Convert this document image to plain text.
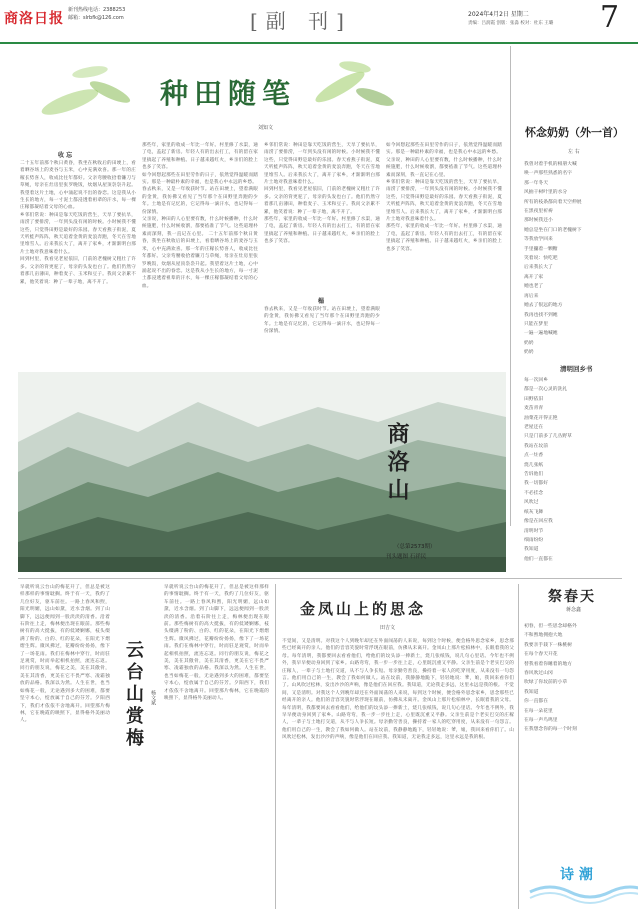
商洛日报
新刊热线电话：2388253
邮箱：slrbfk@126.com	[副 刊]	2024年4月2日 星期二
责编：吕润霞 创版：张淼 校对：杜东 王璐 7
种田随笔
刘知文
收 忘
二十五年前那个秋日黄昏，我坐在秋收后的田埂上，看着晒谷场上的麦谷与玉米，心中充满欢喜。那一年的庄稼长势喜人，收成比往年都好。父亲弯腰收拾着镰刀与草绳，母亲在灶房里张罗晚饭，炊烟从屋顶袅袅升起。我望着这片土地，心中涌起说不出的眷恋。这是我从小生长的地方，每一寸泥土都浸透着祖辈的汗水，每一棵庄稼都凝结着父母的心血。
乡邻们常说：种田是靠天吃饭的营生，天旱了要抗旱，雨涝了要排涝，一年到头没有闲的时候。小时候我不懂这些，只觉得田野是最好的乐园。春天看燕子衔泥，夏天听蛙声阵阵，秋天追着金黄的麦浪奔跑，冬天在雪地里堆雪人。后来我长大了，离开了家乡，才渐渐明白那片土地对我意味着什么。
回到村里，我看见老屋依旧，门前的老槐树又粗壮了许多。父亲的背更驼了，母亲的头发也白了。他们仍然守着那几亩薄田，种着麦子、玉米和豆子。我问父亲累不累，他笑着说：种了一辈子地，离不开了。
那些年，家里的收成一年比一年好。村里修了水渠，通了电，盖起了新房。年轻人有的出去打工，有的留在家里搞起了养殖和种植。日子越来越红火，乡亲们的脸上也多了笑容。
如今回想起那些在田里劳作的日子，依然觉得温暖而踏实。那是一种最朴素的幸福，也是我心中永远的乡愁。
春去秋来，又是一年收获时节。站在田埂上，望着满眼的金黄，我仿佛又看见了当年那个在田野里奔跑的少年。土地是有记忆的，它记得每一滴汗水，也记得每一份深情。
父亲说，种田的人心里要有数，什么时候播种，什么时候施肥，什么时候收割，都要掐准了节气。这些道理朴素而深刻，我一直记在心里。 二十五年前那个秋日黄昏，我坐在秋收后的田埂上，看着晒谷场上的麦谷与玉米，心中充满欢喜。那一年的庄稼长势喜人，收成比往年都好。父亲弯腰收拾着镰刀与草绳，母亲在灶房里张罗晚饭，炊烟从屋顶袅袅升起。我望着这片土地，心中涌起说不出的眷恋。这是我从小生长的地方，每一寸泥土都浸透着祖辈的汗水，每一棵庄稼都凝结着父母的心血。
乡邻们常说：种田是靠天吃饭的营生，天旱了要抗旱，雨涝了要排涝，一年到头没有闲的时候。小时候我不懂这些，只觉得田野是最好的乐园。春天看燕子衔泥，夏天听蛙声阵阵，秋天追着金黄的麦浪奔跑，冬天在雪地里堆雪人。后来我长大了，离开了家乡，才渐渐明白那片土地对我意味着什么。
回到村里，我看见老屋依旧，门前的老槐树又粗壮了许多。父亲的背更驼了，母亲的头发也白了。他们仍然守着那几亩薄田，种着麦子、玉米和豆子。我问父亲累不累，他笑着说：种了一辈子地，离不开了。
那些年，家里的收成一年比一年好。村里修了水渠，通了电，盖起了新房。年轻人有的出去打工，有的留在家里搞起了养殖和种植。日子越来越红火，乡亲们的脸上也多了笑容。
榻
春去秋来，又是一年收获时节。站在田埂上，望着满眼的金黄，我仿佛又看见了当年那个在田野里奔跑的少年。土地是有记忆的，它记得每一滴汗水，也记得每一份深情。
如今回想起那些在田里劳作的日子，依然觉得温暖而踏实。那是一种最朴素的幸福，也是我心中永远的乡愁。
父亲说，种田的人心里要有数，什么时候播种，什么时候施肥，什么时候收割，都要掐准了节气。这些道理朴素而深刻，我一直记在心里。
乡邻们常说：种田是靠天吃饭的营生，天旱了要抗旱，雨涝了要排涝，一年到头没有闲的时候。小时候我不懂这些，只觉得田野是最好的乐园。春天看燕子衔泥，夏天听蛙声阵阵，秋天追着金黄的麦浪奔跑，冬天在雪地里堆雪人。后来我长大了，离开了家乡，才渐渐明白那片土地对我意味着什么。
那些年，家里的收成一年比一年好。村里修了水渠，通了电，盖起了新房。年轻人有的出去打工，有的留在家里搞起了养殖和种植。日子越来越红火，乡亲们的脸上也多了笑容。
商洛山
（总第2573期）
刊头题图 石祥民
怀念奶奶（外一首）
左 右
我曾对着手机的相册大喊
唤一声那些熟悉的名字
那一年冬天
风抽干树叶里的水分
所有的枝条都向着天空伸展
在黑夜里祈祷
那时候我还小
她总是坐在门口的老槐树下
等我放学回来
手里攥着一颗糖
笑着说：快吃吧
后来我长大了
离开了家
她也老了
再后来
她去了很远的地方
我再也找不到她
只能在梦里
一遍一遍地喊她
奶奶
奶奶
清明回乡书
每一次回乡
都是一次心灵的洗礼
田野依旧
麦苗青青
油菜花开得正艳
老屋还在
只是门前多了几丛野草
我站在坟前
点一炷香
烧几张纸
告诉他们
我一切都好
不必挂念
风吹过
纸灰飞舞
像是在回应我
清明时节
细雨纷纷
我知道
他们一直都在
早就听说云台山的梅花开了，但总是被这样那样的事情耽搁。终于有一天，我约了几位好友，驱车前往。一路上春风和煦，阳光明媚，远山如黛，近水含烟。到了山脚下，远远便闻到一股淡淡的清香。沿着石阶往上走，梅林便出现在眼前。那些梅树有的高大挺拔，有的低矮婀娜，枝头缀满了粉的、白的、红的花朵，在阳光下熠熠生辉。微风拂过，花瓣纷纷扬扬，像下了一场花雨。我们在梅林中穿行，时而驻足观赏，时而举起相机拍照，流连忘返。同行的朋友说，梅花之美，美在其傲骨，美在其清香，更美在它不畏严寒、凌霜独放的品格。我深以为然。人生在世，也当如梅花一般，无论遇到多大的困难，都要坚守本心，绽放属于自己的芬芳。夕阳西下，我们才依依不舍地离开。回望那片梅林，它在晚霞的映照下，显得格外美丽动人。	云台山赏梅	杨文斌
早就听说云台山的梅花开了，但总是被这样那样的事情耽搁。终于有一天，我约了几位好友，驱车前往。一路上春风和煦，阳光明媚，远山如黛，近水含烟。到了山脚下，远远便闻到一股淡淡的清香。沿着石阶往上走，梅林便出现在眼前。那些梅树有的高大挺拔，有的低矮婀娜，枝头缀满了粉的、白的、红的花朵，在阳光下熠熠生辉。微风拂过，花瓣纷纷扬扬，像下了一场花雨。我们在梅林中穿行，时而驻足观赏，时而举起相机拍照，流连忘返。同行的朋友说，梅花之美，美在其傲骨，美在其清香，更美在它不畏严寒、凌霜独放的品格。我深以为然。人生在世，也当如梅花一般，无论遇到多大的困难，都要坚守本心，绽放属于自己的芬芳。夕阳西下，我们才依依不舍地离开。回望那片梅林，它在晚霞的映照下，显得格外美丽动人。
金凤山上的思念
田吉文
不觉间，又是清明。对我这个人到晚年却还在外面闯荡的人来说，每到这个时候，便会格外思念家乡，思念那些已经离开的亲人。他们的音容笑貌时常浮现在眼前，仿佛从未离开。金凤山上那片松柏林中，长眠着我的父母。每年清明，我都要回去看看他们，给他们的坟头添一捧新土，烧几张纸钱，说几句心里话。今年也不例外，我早早便动身回到了家乡。山路弯弯，我一步一步往上走，心里既沉重又平静。父亲生前是个老实巴交的庄稼人，一辈子与土地打交道，从不与人争长短。母亲勤劳善良，操持着一家人的吃穿用度，从来没有一句怨言。他们用自己的一生，教会了我如何做人。站在坟前，我静静地跪下，轻轻地说：爹，娘，我回来看你们了。山风吹过松林，发出沙沙的声响，像是他们在回应我。我知道，无论我走多远，这里永远是我的根。 不觉间，又是清明。对我这个人到晚年却还在外面闯荡的人来说，每到这个时候，便会格外思念家乡，思念那些已经离开的亲人。他们的音容笑貌时常浮现在眼前，仿佛从未离开。金凤山上那片松柏林中，长眠着我的父母。每年清明，我都要回去看看他们，给他们的坟头添一捧新土，烧几张纸钱，说几句心里话。今年也不例外，我早早便动身回到了家乡。山路弯弯，我一步一步往上走，心里既沉重又平静。父亲生前是个老实巴交的庄稼人，一辈子与土地打交道，从不与人争长短。母亲勤劳善良，操持着一家人的吃穿用度，从来没有一句怨言。他们用自己的一生，教会了我如何做人。站在坟前，我静静地跪下，轻轻地说：爹，娘，我回来看你们了。山风吹过松林，发出沙沙的声响，像是他们在回应我。我知道，无论我走多远，这里永远是我的根。
祭春天
蒋念鑫
初春，但一些思念却格外
不和煦地拥抱大地
我要亲手栽下一株桃树
在每个春天开花
替我看着你睡着的地方
春风吹过山冈
吹绿了你坟前的小草
我知道
你一直都在
在每一朵花里
在每一声鸟鸣里
在我想念你的每一个时刻
诗 潮
